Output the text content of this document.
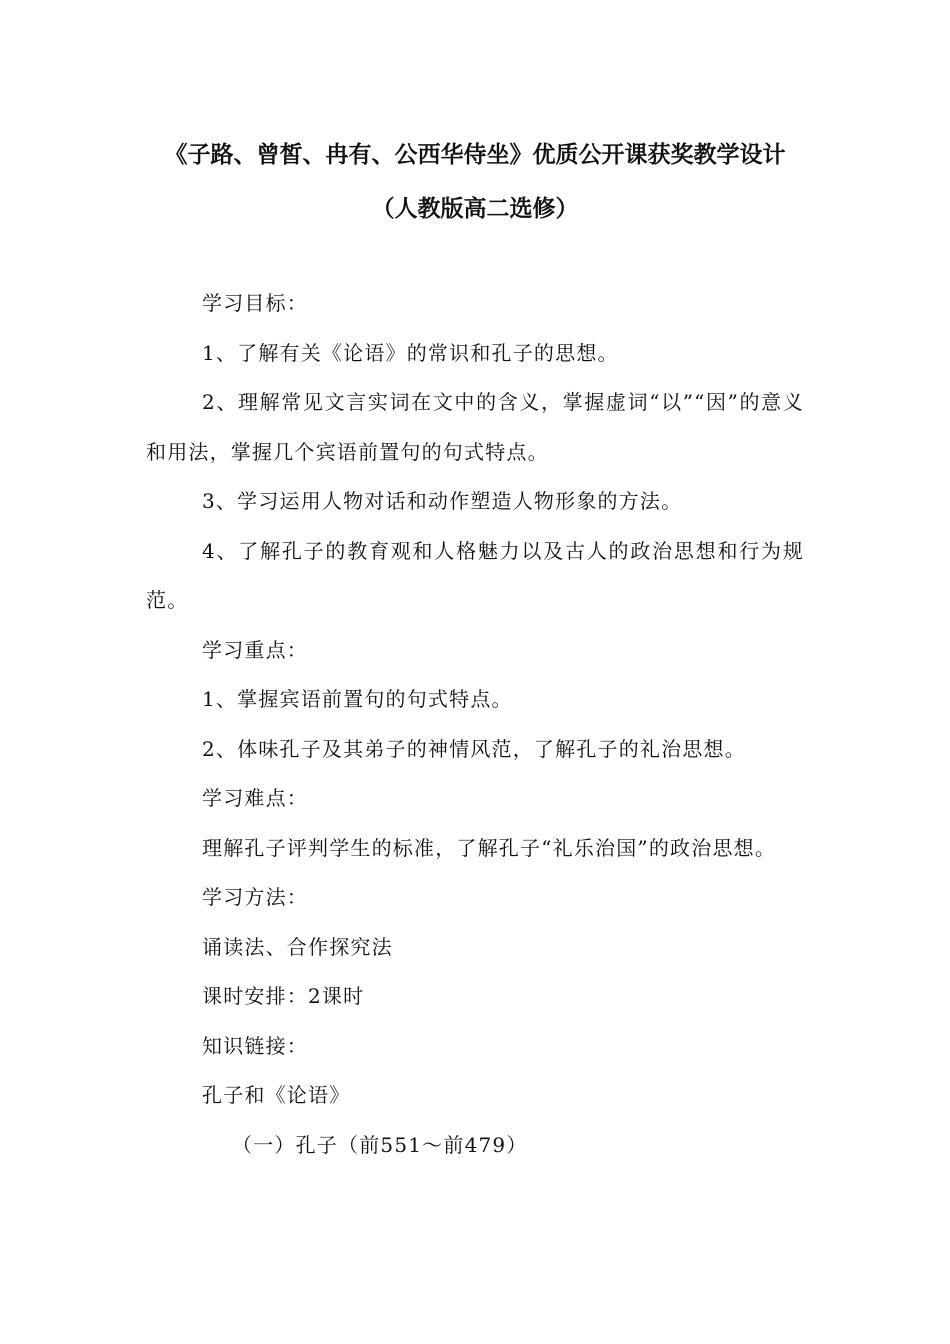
《子路、曾皙、冉有、公西华侍坐》优质公开课获奖教学设计（人教版高二选修）

学习目标：

1、了解有关《论语》的常识和孔子的思想。

2、理解常见文言实词在文中的含义，掌握虚词“以”“因”的意义和用法，掌握几个宾语前置句的句式特点。

3、学习运用人物对话和动作塑造人物形象的方法。

4、了解孔子的教育观和人格魅力以及古人的政治思想和行为规范。

学习重点：

1、掌握宾语前置句的句式特点。

2、体味孔子及其弟子的神情风范，了解孔子的礼治思想。

学习难点：

理解孔子评判学生的标准，了解孔子“礼乐治国”的政治思想。

学习方法：

诵读法、合作探究法

课时安排：2课时

知识链接：

孔子和《论语》

（一）孔子（前551～前479）
